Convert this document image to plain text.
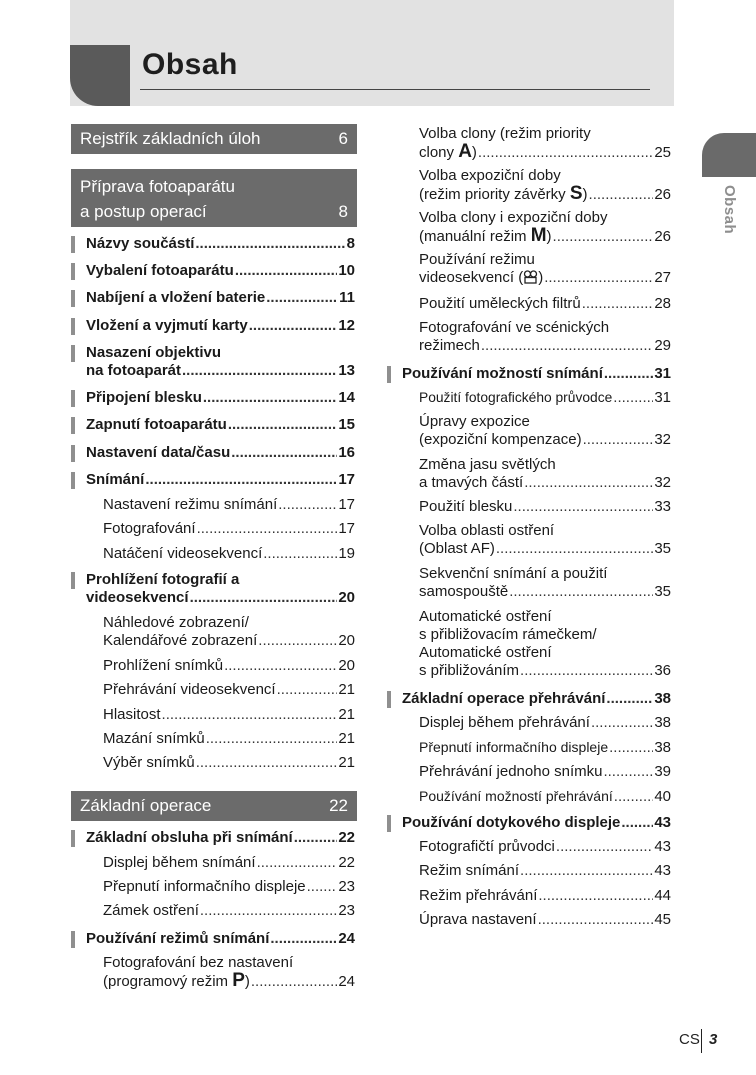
Obsah
Obsah
Rejstřík základních úloh	6
Příprava fotoaparátu
a postup operací	8
Názvy součástí .....	8
Vybalení fotoaparátu .....	10
Nabíjení a vložení baterie .....	11
Vložení a vyjmutí karty .....	12
Nasazení objektivu
na fotoaparát .....	13
Připojení blesku .....	14
Zapnutí fotoaparátu .....	15
Nastavení data/času .....	16
Snímání .....	17
Nastavení režimu snímání .....	17
Fotografování .....	17
Natáčení videosekvencí .....	19
Prohlížení fotografií a
videosekvencí .....	20
Náhledové zobrazení/
Kalendářové zobrazení .....	20
Prohlížení snímků .....	20
Přehrávání videosekvencí .....	21
Hlasitost .....	21
Mazání snímků .....	21
Výběr snímků .....	21
Základní operace	22
Základní obsluha při snímání .....	22
Displej během snímání .....	22
Přepnutí informačního displeje ..... 23
Zámek ostření .....	23
Používání režimů snímání .....	24
Fotografování bez nastavení
(programový režim P) .....	24
Volba clony (režim priority
clony A) .....	25
Volba expoziční doby
(režim priority závěrky S) .....	26
Volba clony i expoziční doby
(manuální režim M) .....	26
Používání režimu
videosekvencí ( ) .....	27
Použití uměleckých filtrů .....	28
Fotografování ve scénických
režimech .....	29
Používání možností snímání .....	31
Použití fotografického průvodce .....	31
Úpravy expozice
(expoziční kompenzace) .....	32
Změna jasu světlých
a tmavých částí .....	32
Použití blesku .....	33
Volba oblasti ostření
(Oblast AF) .....	35
Sekvenční snímání a použití
samospouště .....	35
Automatické ostření
s přibližovacím rámečkem/
Automatické ostření
s přibližováním .....	36
Základní operace přehrávání .....	38
Displej během přehrávání .....	38
Přepnutí informačního displeje .....	38
Přehrávání jednoho snímku .....	39
Používání možností přehrávání .....	40
Používání dotykového displeje ..... 43
Fotografičtí průvodci .....	43
Režim snímání .....	43
Režim přehrávání .....	44
Úprava nastavení .....	45
CS 3
